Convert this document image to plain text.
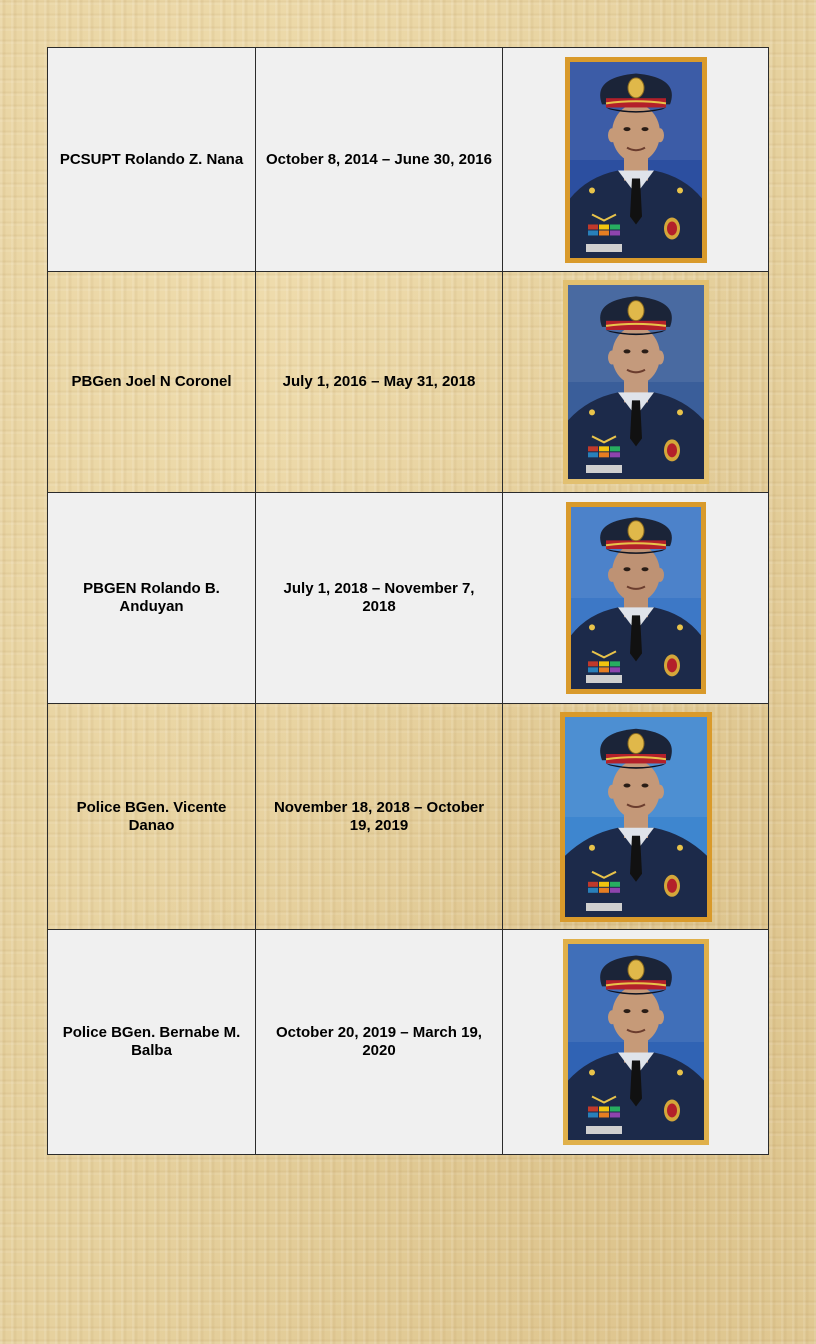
PCSUPT Rolando Z. Nana	October 8, 2014 – June 30, 2016

PBGen Joel N Coronel	July 1, 2016 – May 31, 2018

PBGEN Rolando B. Anduyan	July 1, 2018 – November 7, 2018

Police BGen. Vicente Danao	November 18, 2018 – October 19, 2019

Police BGen. Bernabe M. Balba	October 20, 2019 – March 19, 2020
